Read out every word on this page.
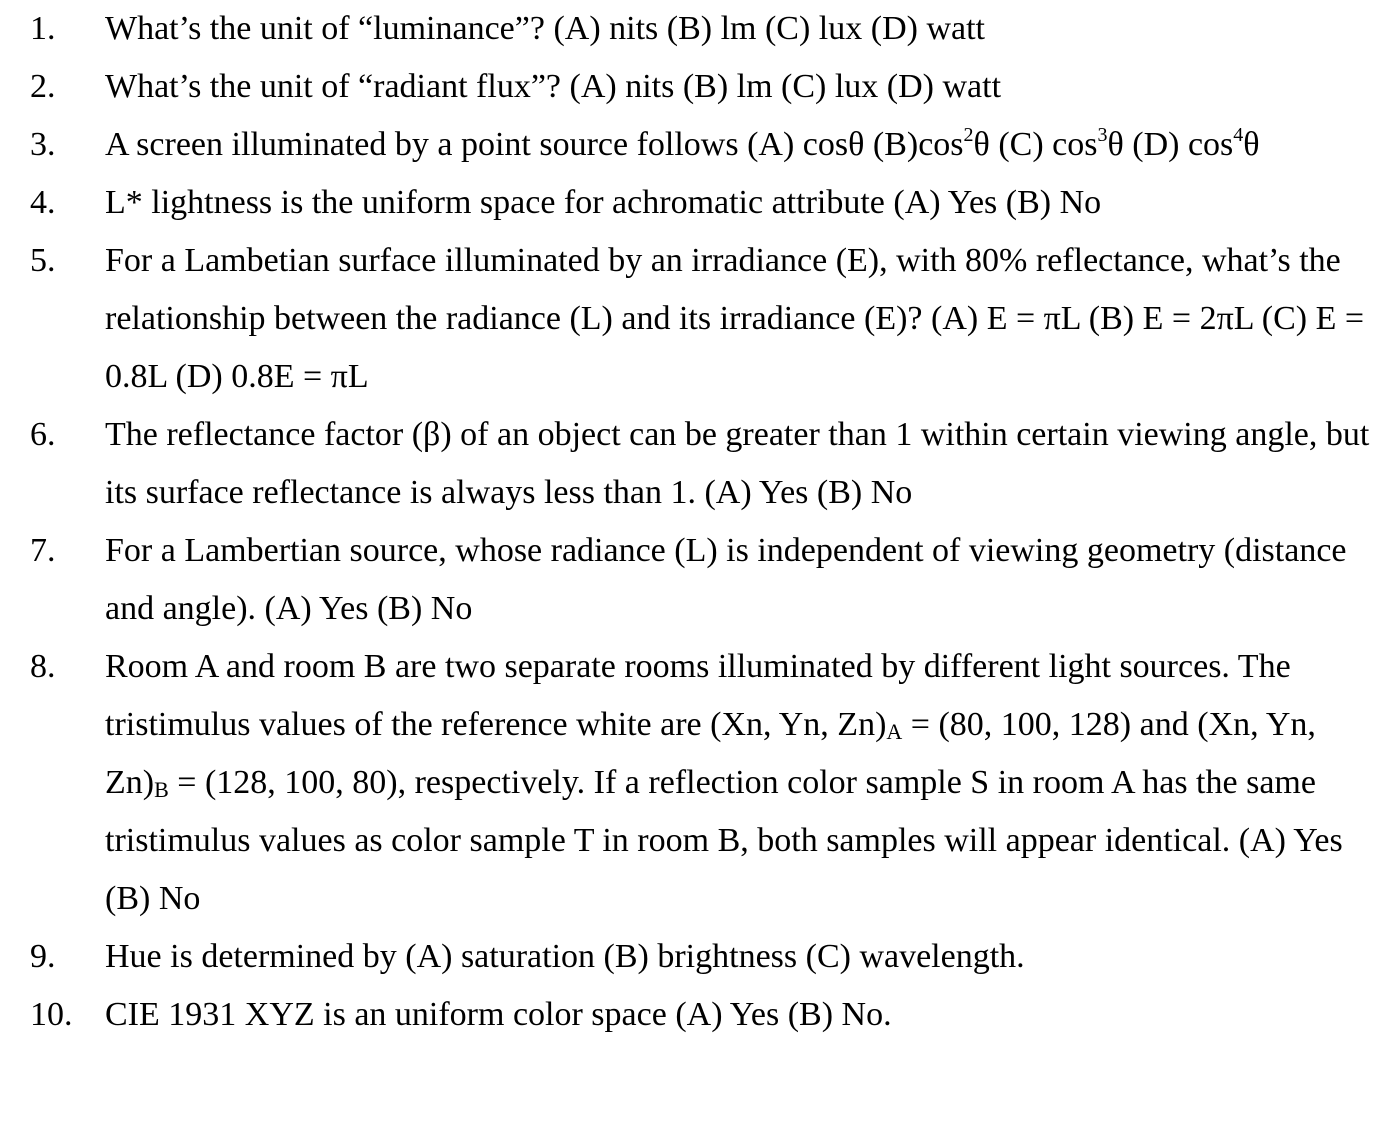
1.	What’s the unit of “luminance”? (A) nits (B) lm (C) lux (D) watt

2.	What’s the unit of “radiant flux”? (A) nits (B) lm (C) lux (D) watt

3.	A screen illuminated by a point source follows (A) cosθ $(B)\cos^2\theta$ (C) $\cos^3\theta$ (D) $\cos^4\theta$

4.	L* lightness is the uniform space for achromatic attribute (A) Yes (B) No

5.	For a Lambetian surface illuminated by an irradiance (E), with 80% reflectance, what’s the relationship between the radiance (L) and its irradiance (E)? (A) E = πL (B) E = 2πL (C) E = 0.8L (D) 0.8E = πL

6.	The reflectance factor (β) of an object can be greater than 1 within certain viewing angle, but its surface reflectance is always less than 1. (A) Yes (B) No

7.	For a Lambertian source, whose radiance (L) is independent of viewing geometry (distance and angle). (A) Yes (B) No

8.	Room A and room B are two separate rooms illuminated by different light sources. The tristimulus values of the reference white are (Xn, Yn, $Zn)_A = (80$, 100, 128) and (Xn, Yn, $Zn)_B = (128$, 100, 80), respectively. If a reflection color sample S in room A has the same tristimulus values as color sample T in room B, both samples will appear identical. (A) Yes (B) No

9.	Hue is determined by (A) saturation (B) brightness (C) wavelength.

10. CIE 1931 XYZ is an uniform color space (A) Yes (B) No.
